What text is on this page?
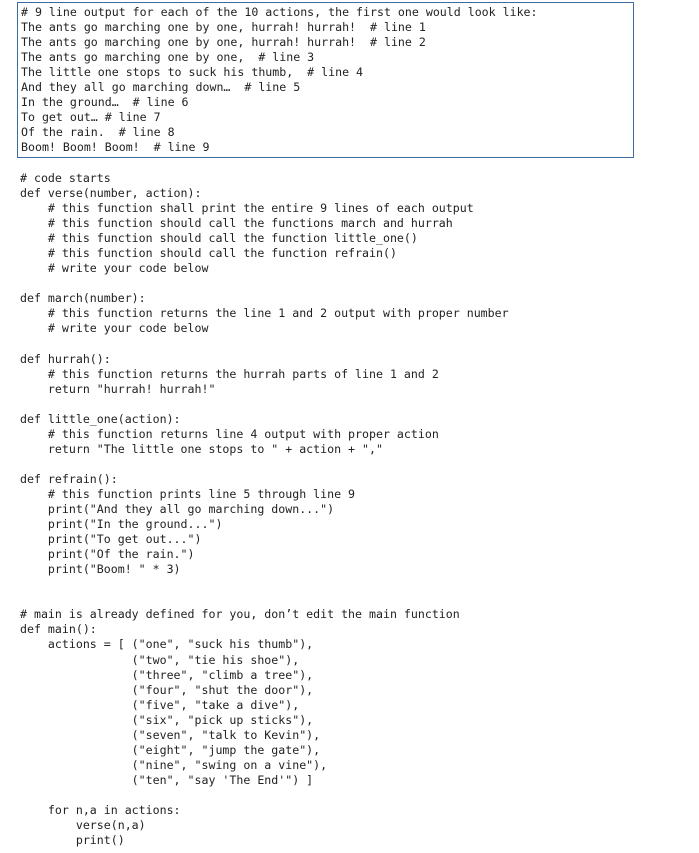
# 9 line output for each of the 10 actions, the first one would look like:
The ants go marching one by one, hurrah! hurrah!  # line 1
The ants go marching one by one, hurrah! hurrah!  # line 2
The ants go marching one by one,  # line 3
The little one stops to suck his thumb,  # line 4
And they all go marching down…  # line 5
In the ground…  # line 6
To get out… # line 7
Of the rain.  # line 8
Boom! Boom! Boom!  # line 9
# code starts
def verse(number, action):
# this function shall print the entire 9 lines of each output
# this function should call the functions march and hurrah
# this function should call the function little_one()
# this function should call the function refrain()
# write your code below

def march(number):
# this function returns the line 1 and 2 output with proper number
# write your code below

def hurrah():
# this function returns the hurrah parts of line 1 and 2
return "hurrah! hurrah!"

def little_one(action):
# this function returns line 4 output with proper action
return "The little one stops to " + action + ","

def refrain():
# this function prints line 5 through line 9
print("And they all go marching down...")
print("In the ground...")
print("To get out...")
print("Of the rain.")
print("Boom! " * 3)

# main is already defined for you, don’t edit the main function
def main():
actions = [ ("one", "suck his thumb"),
("two", "tie his shoe"),
("three", "climb a tree"),
("four", "shut the door"),
("five", "take a dive"),
("six", "pick up sticks"),
("seven", "talk to Kevin"),
("eight", "jump the gate"),
("nine", "swing on a vine"),
("ten", "say 'The End'") ]

for n,a in actions:
verse(n,a)
print()
